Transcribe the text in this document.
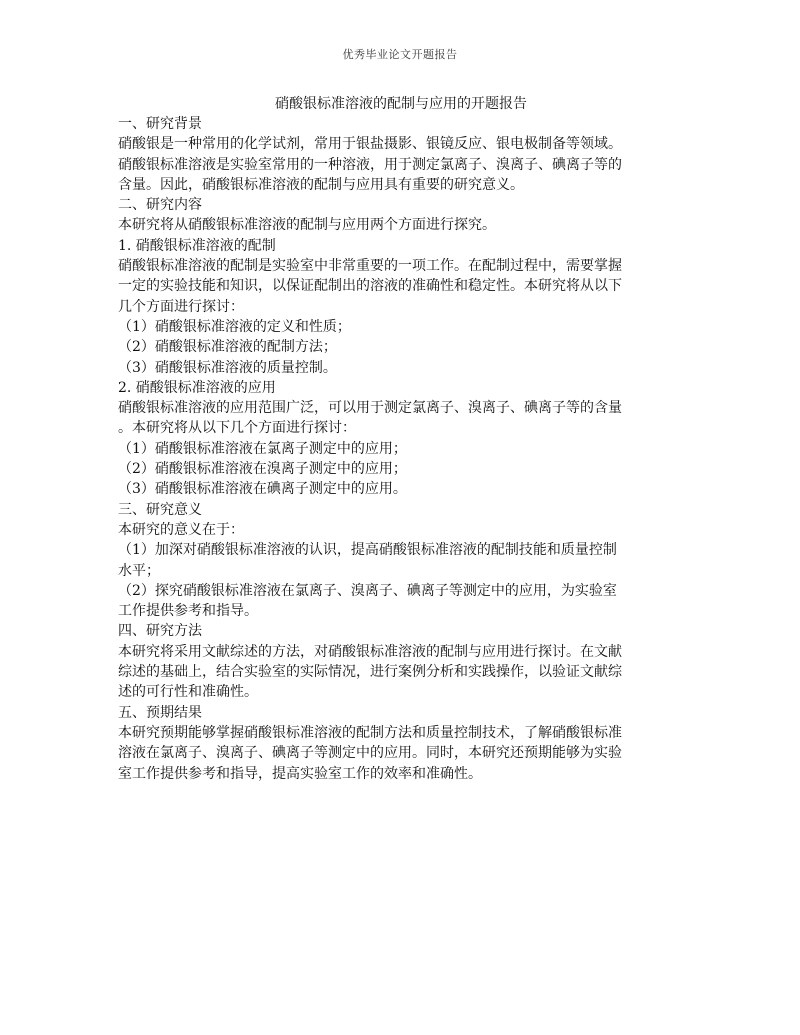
优秀毕业论文开题报告
硝酸银标准溶液的配制与应用的开题报告
一、研究背景
硝酸银是一种常用的化学试剂，常用于银盐摄影、银镜反应、银电极制备等领域。
硝酸银标准溶液是实验室常用的一种溶液，用于测定氯离子、溴离子、碘离子等的
含量。因此，硝酸银标准溶液的配制与应用具有重要的研究意义。
二、研究内容
本研究将从硝酸银标准溶液的配制与应用两个方面进行探究。
1. 硝酸银标准溶液的配制
硝酸银标准溶液的配制是实验室中非常重要的一项工作。在配制过程中，需要掌握
一定的实验技能和知识，以保证配制出的溶液的准确性和稳定性。本研究将从以下
几个方面进行探讨：
（1）硝酸银标准溶液的定义和性质；
（2）硝酸银标准溶液的配制方法；
（3）硝酸银标准溶液的质量控制。
2. 硝酸银标准溶液的应用
硝酸银标准溶液的应用范围广泛，可以用于测定氯离子、溴离子、碘离子等的含量
。本研究将从以下几个方面进行探讨：
（1）硝酸银标准溶液在氯离子测定中的应用；
（2）硝酸银标准溶液在溴离子测定中的应用；
（3）硝酸银标准溶液在碘离子测定中的应用。
三、研究意义
本研究的意义在于：
（1）加深对硝酸银标准溶液的认识，提高硝酸银标准溶液的配制技能和质量控制
水平；
（2）探究硝酸银标准溶液在氯离子、溴离子、碘离子等测定中的应用，为实验室
工作提供参考和指导。
四、研究方法
本研究将采用文献综述的方法，对硝酸银标准溶液的配制与应用进行探讨。在文献
综述的基础上，结合实验室的实际情况，进行案例分析和实践操作，以验证文献综
述的可行性和准确性。
五、预期结果
本研究预期能够掌握硝酸银标准溶液的配制方法和质量控制技术，了解硝酸银标准
溶液在氯离子、溴离子、碘离子等测定中的应用。同时，本研究还预期能够为实验
室工作提供参考和指导，提高实验室工作的效率和准确性。
